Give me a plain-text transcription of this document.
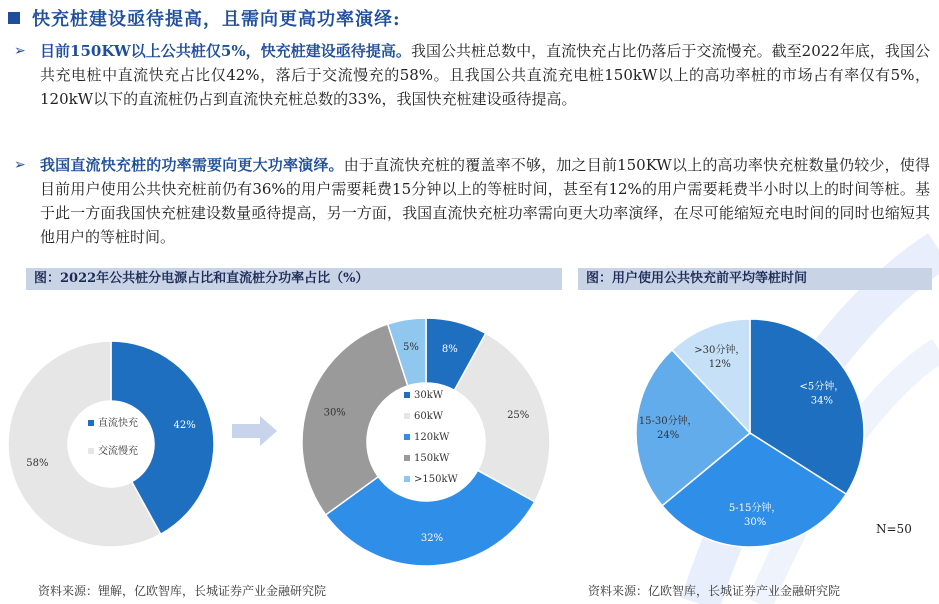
快充桩建设亟待提高，且需向更高功率演绎:
➢ 目前150KW以上公共桩仅5%，快充桩建设亟待提高。我国公共桩总数中，直流快充占比仍落后于交流慢充。截至2022年底，我国公共充电桩中直流快充占比仅42%，落后于交流慢充的58%。且我国公共直流充电桩150kW以上的高功率桩的市场占有率仅有5%，120kW以下的直流桩仍占到直流快充桩总数的33%，我国快充桩建设亟待提高。
➢ 我国直流快充桩的功率需要向更大功率演绎。由于直流快充桩的覆盖率不够，加之目前150KW以上的高功率快充桩数量仍较少，使得目前用户使用公共快充桩前仍有36%的用户需要耗费15分钟以上的等桩时间，甚至有12%的用户需要耗费半小时以上的时间等桩。基于此一方面我国快充桩建设数量亟待提高，另一方面，我国直流快充桩功率需向更大功率演绎，在尽可能缩短充电时间的同时也缩短其他用户的等桩时间。
图：2022年公共桩分电源占比和直流桩分功率占比（%）	图：用户使用公共快充前平均等桩时间
N=50
42%
58%
直流快充
交流慢充
8%
25%
32%
30%
5%
30kW
60kW
120kW
150kW
>150kW
<5分钟，
34%
5-15分钟，
30%
15-30分钟，
24%
>30分钟，
12%
资料来源：锂解，亿欧智库，长城证券产业金融研究院	资料来源：亿欧智库，长城证券产业金融研究院
